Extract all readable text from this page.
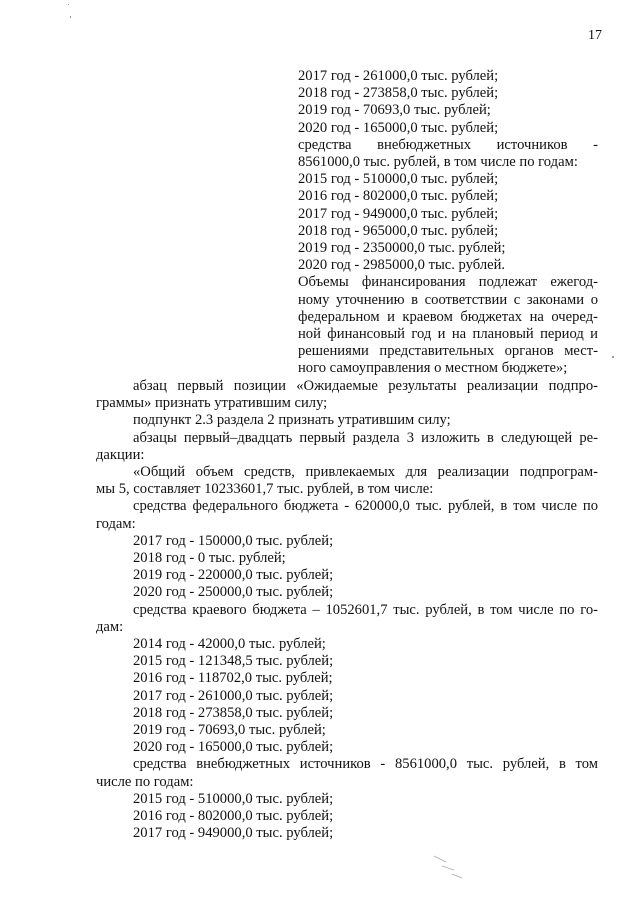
17
2017 год - 261000,0 тыс. рублей;
2018 год - 273858,0 тыс. рублей;
2019 год - 70693,0 тыс. рублей;
2020 год - 165000,0 тыс. рублей;
средства внебюджетных источников -
8561000,0 тыс. рублей, в том числе по годам:
2015 год - 510000,0 тыс. рублей;
2016 год - 802000,0 тыс. рублей;
2017 год - 949000,0 тыс. рублей;
2018 год - 965000,0 тыс. рублей;
2019 год - 2350000,0 тыс. рублей;
2020 год - 2985000,0 тыс. рублей.
Объемы финансирования подлежат ежегод-
ному уточнению в соответствии с законами о
федеральном и краевом бюджетах на очеред-
ной финансовый год и на плановый период и
решениями представительных органов мест-
ного самоуправления о местном бюджете»;
абзац первый позиции «Ожидаемые результаты реализации подпро-
граммы» признать утратившим силу;
подпункт 2.3 раздела 2 признать утратившим силу;
абзацы первый–двадцать первый раздела 3 изложить в следующей ре-
дакции:
«Общий объем средств, привлекаемых для реализации подпрограм-
мы 5, составляет 10233601,7 тыс. рублей, в том числе:
средства федерального бюджета - 620000,0 тыс. рублей, в том числе по
годам:
2017 год - 150000,0 тыс. рублей;
2018 год - 0 тыс. рублей;
2019 год - 220000,0 тыс. рублей;
2020 год - 250000,0 тыс. рублей;
средства краевого бюджета – 1052601,7 тыс. рублей, в том числе по го-
дам:
2014 год - 42000,0 тыс. рублей;
2015 год - 121348,5 тыс. рублей;
2016 год - 118702,0 тыс. рублей;
2017 год - 261000,0 тыс. рублей;
2018 год - 273858,0 тыс. рублей;
2019 год - 70693,0 тыс. рублей;
2020 год - 165000,0 тыс. рублей;
средства внебюджетных источников - 8561000,0 тыс. рублей, в том
числе по годам:
2015 год - 510000,0 тыс. рублей;
2016 год - 802000,0 тыс. рублей;
2017 год - 949000,0 тыс. рублей;
